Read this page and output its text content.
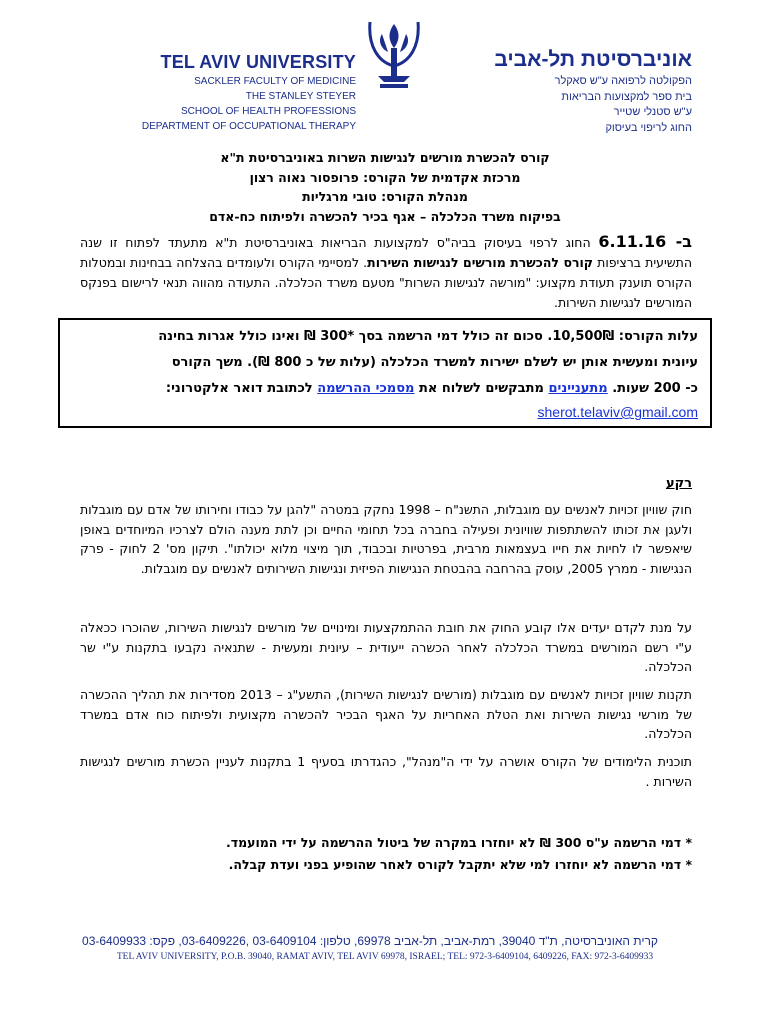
TEL AVIV UNIVERSITY
SACKLER FACULTY OF MEDICINE
THE STANLEY STEYER
SCHOOL OF HEALTH PROFESSIONS
DEPARTMENT OF OCCUPATIONAL THERAPY
אוניברסיטת תל-אביב
הפקולטה לרפואה ע"ש סאקלר
בית ספר למקצועות הבריאות
ע"ש סטנלי שטייר
החוג לריפוי בעיסוק
קורס להכשרת מורשים לנגישות השרות באוניברסיטת ת"א
מרכזת אקדמית של הקורס: פרופסור נאוה רצון
מנהלת הקורס: טובי מרגליות
בפיקוח משרד הכלכלה – אגף בכיר להכשרה ולפיתוח כח-אדם
ב- 6.11.16 החוג לרפוי בעיסוק בביה"ס למקצועות הבריאות באוניברסיטת ת"א מתעתד לפתוח זו שנה התשיעית ברציפות קורס להכשרת מורשים לנגישות השירות. למסיימי הקורס ולעומדים בהצלחה בבחינות ובמטלות הקורס תוענק תעודת מקצוע: "מורשה לנגישות השרות" מטעם משרד הכלכלה. התעודה מהווה תנאי לרישום בפנקס המורשים לנגישות השירות.
עלות הקורס: 10,500₪. סכום זה כולל דמי הרשמה בסך *300 ₪ ואינו כולל אגרות בחינה
עיונית ומעשית אותן יש לשלם ישירות למשרד הכלכלה (עלות של כ 800 ₪). משך הקורס
כ- 200 שעות. מתעניינים מתבקשים לשלוח את מסמכי ההרשמה לכתובת דואר אלקטרוני:
sherot.telaviv@gmail.com
רקע
חוק שוויון זכויות לאנשים עם מוגבלות, התשנ"ח – 1998 נחקק במטרה "להגן על כבודו וחירותו של אדם עם מוגבלות ולעגן את זכותו להשתתפות שוויונית ופעילה בחברה בכל תחומי החיים וכן לתת מענה הולם לצרכיו המיוחדים באופן שיאפשר לו לחיות את חייו בעצמאות מרבית, בפרטיות ובכבוד, תוך מיצוי מלוא יכולתו". תיקון מס' 2 לחוק - פרק הנגישות - ממרץ 2005, עוסק בהרחבה בהבטחת הנגישות הפיזית ונגישות השירותים לאנשים עם מוגבלות.
על מנת לקדם יעדים אלו קובע החוק את חובת ההתמקצעות ומינויים של מורשים לנגישות השירות, שהוכרו ככאלה ע"י רשם המורשים במשרד הכלכלה לאחר הכשרה ייעודית – עיונית ומעשית - שתנאיה נקבעו בתקנות ע"י שר הכלכלה.
תקנות שוויון זכויות לאנשים עם מוגבלות (מורשים לנגישות השירות), התשע"ג – 2013 מסדירות את תהליך ההכשרה של מורשי נגישות השירות ואת הטלת האחריות על האגף הבכיר להכשרה מקצועית ולפיתוח כוח אדם במשרד הכלכלה.
תוכנית הלימודים של הקורס אושרה על ידי ה"מנהל", כהגדרתו בסעיף 1 בתקנות לעניין הכשרת מורשים לנגישות השירות .
* דמי הרשמה ע"ס 300 ₪ לא יוחזרו במקרה של ביטול ההרשמה על ידי המועמד.
* דמי הרשמה לא יוחזרו למי שלא יתקבל לקורס לאחר שהופיע בפני ועדת קבלה.
קרית האוניברסיטה, ת"ד 39040, רמת-אביב, תל-אביב 69978, טלפון: 03-6409104 ,03-6409226, פקס: 03-6409933
TEL AVIV UNIVERSITY, P.O.B. 39040, RAMAT AVIV, TEL AVIV 69978, ISRAEL; TEL: 972-3-6409104, 6409226, FAX: 972-3-6409933
